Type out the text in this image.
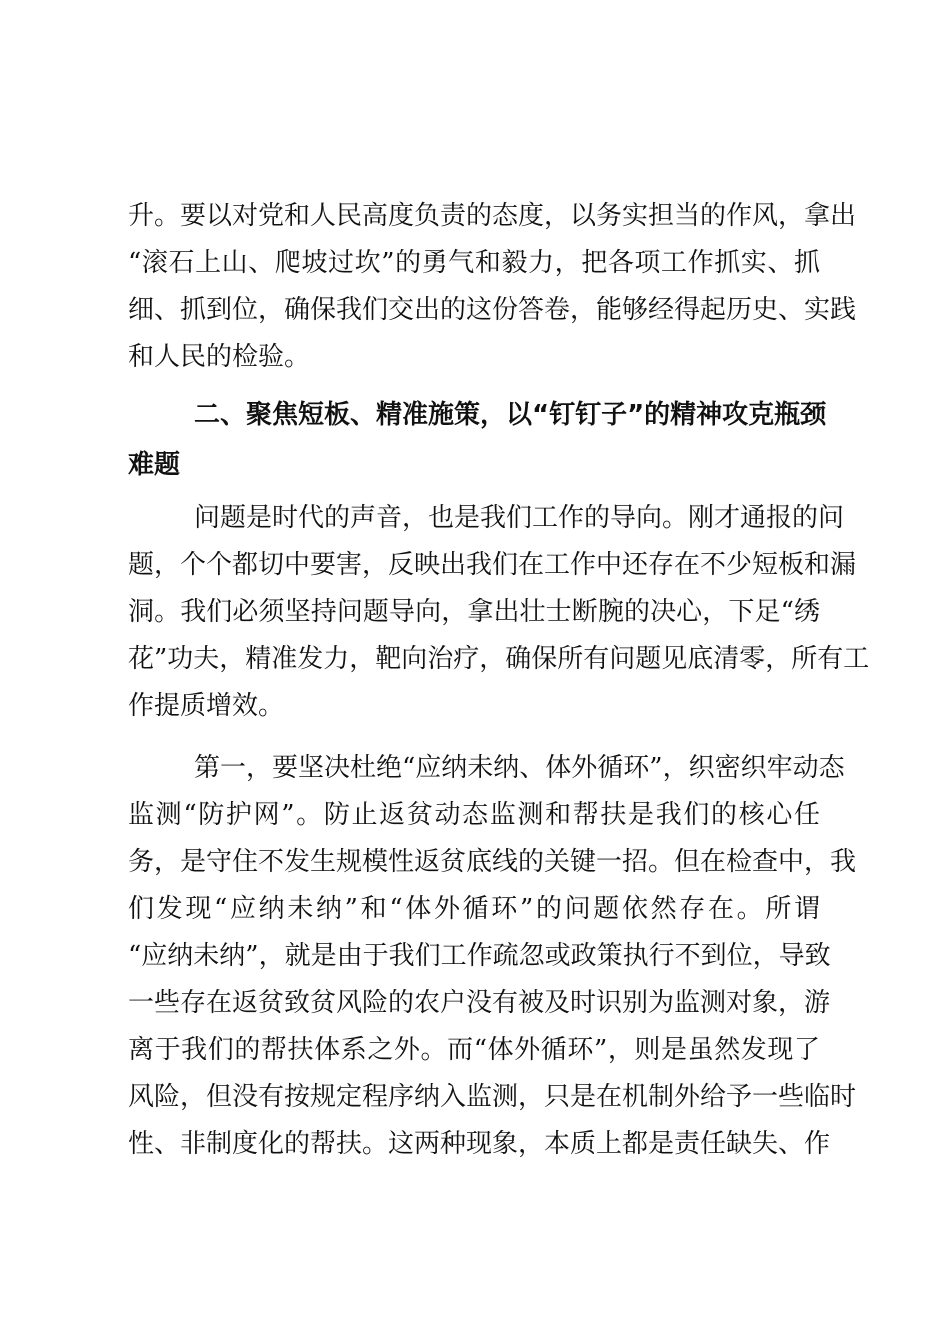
升。要以对党和人民高度负责的态度，以务实担当的作风，拿出
“滚石上山、爬坡过坎”的勇气和毅力，把各项工作抓实、抓
细、抓到位，确保我们交出的这份答卷，能够经得起历史、实践
和人民的检验。
二、聚焦短板、精准施策，以“钉钉子”的精神攻克瓶颈
难题
问题是时代的声音，也是我们工作的导向。刚才通报的问
题，个个都切中要害，反映出我们在工作中还存在不少短板和漏
洞。我们必须坚持问题导向，拿出壮士断腕的决心，下足“绣
花”功夫，精准发力，靶向治疗，确保所有问题见底清零，所有工
作提质增效。
第一，要坚决杜绝“应纳未纳、体外循环”，织密织牢动态
监测“防护网”。防止返贫动态监测和帮扶是我们的核心任
务，是守住不发生规模性返贫底线的关键一招。但在检查中，我
们发现“应纳未纳”和“体外循环”的问题依然存在。所谓
“应纳未纳”，就是由于我们工作疏忽或政策执行不到位，导致
一些存在返贫致贫风险的农户没有被及时识别为监测对象，游
离于我们的帮扶体系之外。而“体外循环”，则是虽然发现了
风险，但没有按规定程序纳入监测，只是在机制外给予一些临时
性、非制度化的帮扶。这两种现象，本质上都是责任缺失、作
